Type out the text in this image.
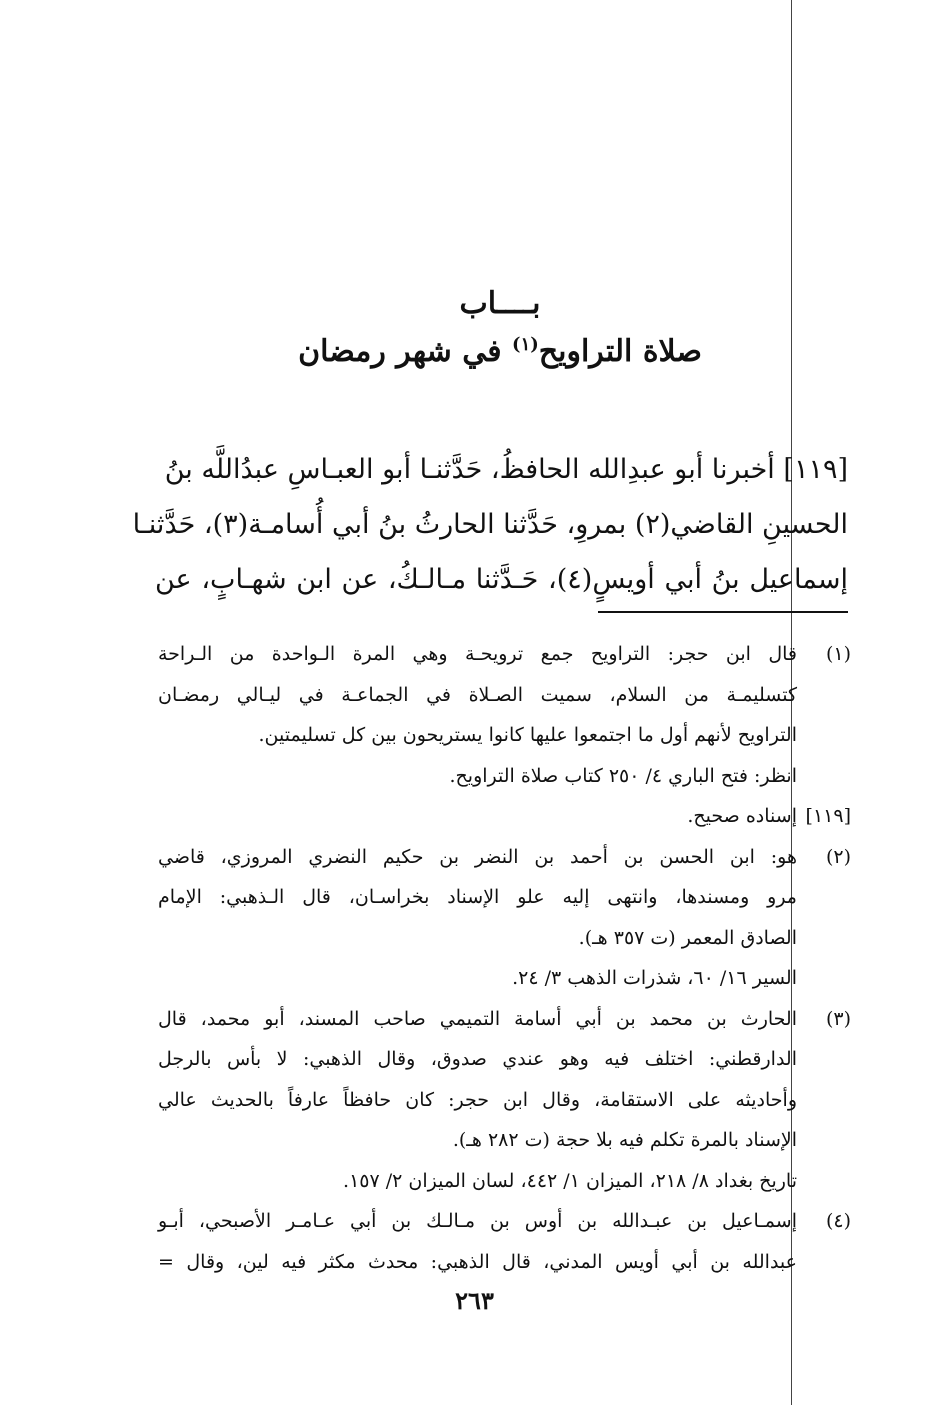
بــــاب
صلاة التراويح$^{(١)}$ في شهر رمضان
[١١٩] أخبرنا أبو عبدِالله الحافظُ، حَدَّثنـا أبو العبـاسِ عبدُاللَّه بنُ
الحسينِ القاضي(٢) بمروِ، حَدَّثنا الحارثُ بنُ أبي أُسامـة(٣)، حَدَّثنـا
إسماعيل بنُ أبي أويسٍ(٤)، حَـدَّثنا مـالـكُ، عن ابن شهـابٍ، عن
(١)
قال ابن حجر: التراويح جمع ترويحـة وهي المرة الـواحدة من الـراحة
كتسليمـة من السلام، سميت الصـلاة في الجماعـة في ليـالي رمضـان
التراويح لأنهم أول ما اجتمعوا عليها كانوا يستريحون بين كل تسليمتين.
انظر: فتح الباري ٤/ ٢٥٠ كتاب صلاة التراويح.
[١١٩]
إسناده صحيح.
(٢)
هو: ابن الحسن بن أحمد بن النضر بن حكيم النضري المروزي، قاضي
مرو ومسندها، وانتهى إليه علو الإسناد بخراسـان، قال الـذهبي: الإمام
الصادق المعمر (ت ٣٥٧ هـ).
السير ١٦/ ٦٠، شذرات الذهب ٣/ ٢٤.
(٣)
الحارث بن محمد بن أبي أسامة التميمي صاحب المسند، أبو محمد، قال
الدارقطني: اختلف فيه وهو عندي صدوق، وقال الذهبي: لا بأس بالرجل
وأحاديثه على الاستقامة، وقال ابن حجر: كان حافظاً عارفاً بالحديث عالي
الإسناد بالمرة تكلم فيه بلا حجة (ت ٢٨٢ هـ).
تاريخ بغداد ٨/ ٢١٨، الميزان ١/ ٤٤٢، لسان الميزان ٢/ ١٥٧.
(٤)
إسمـاعيل بن عبـدالله بن أوس بن مـالـك بن أبي عـامـر الأصبحي، أبـو
عبدالله بن أبي أويس المدني، قال الذهبي: محدث مكثر فيه لين، وقال =
٢٦٣
